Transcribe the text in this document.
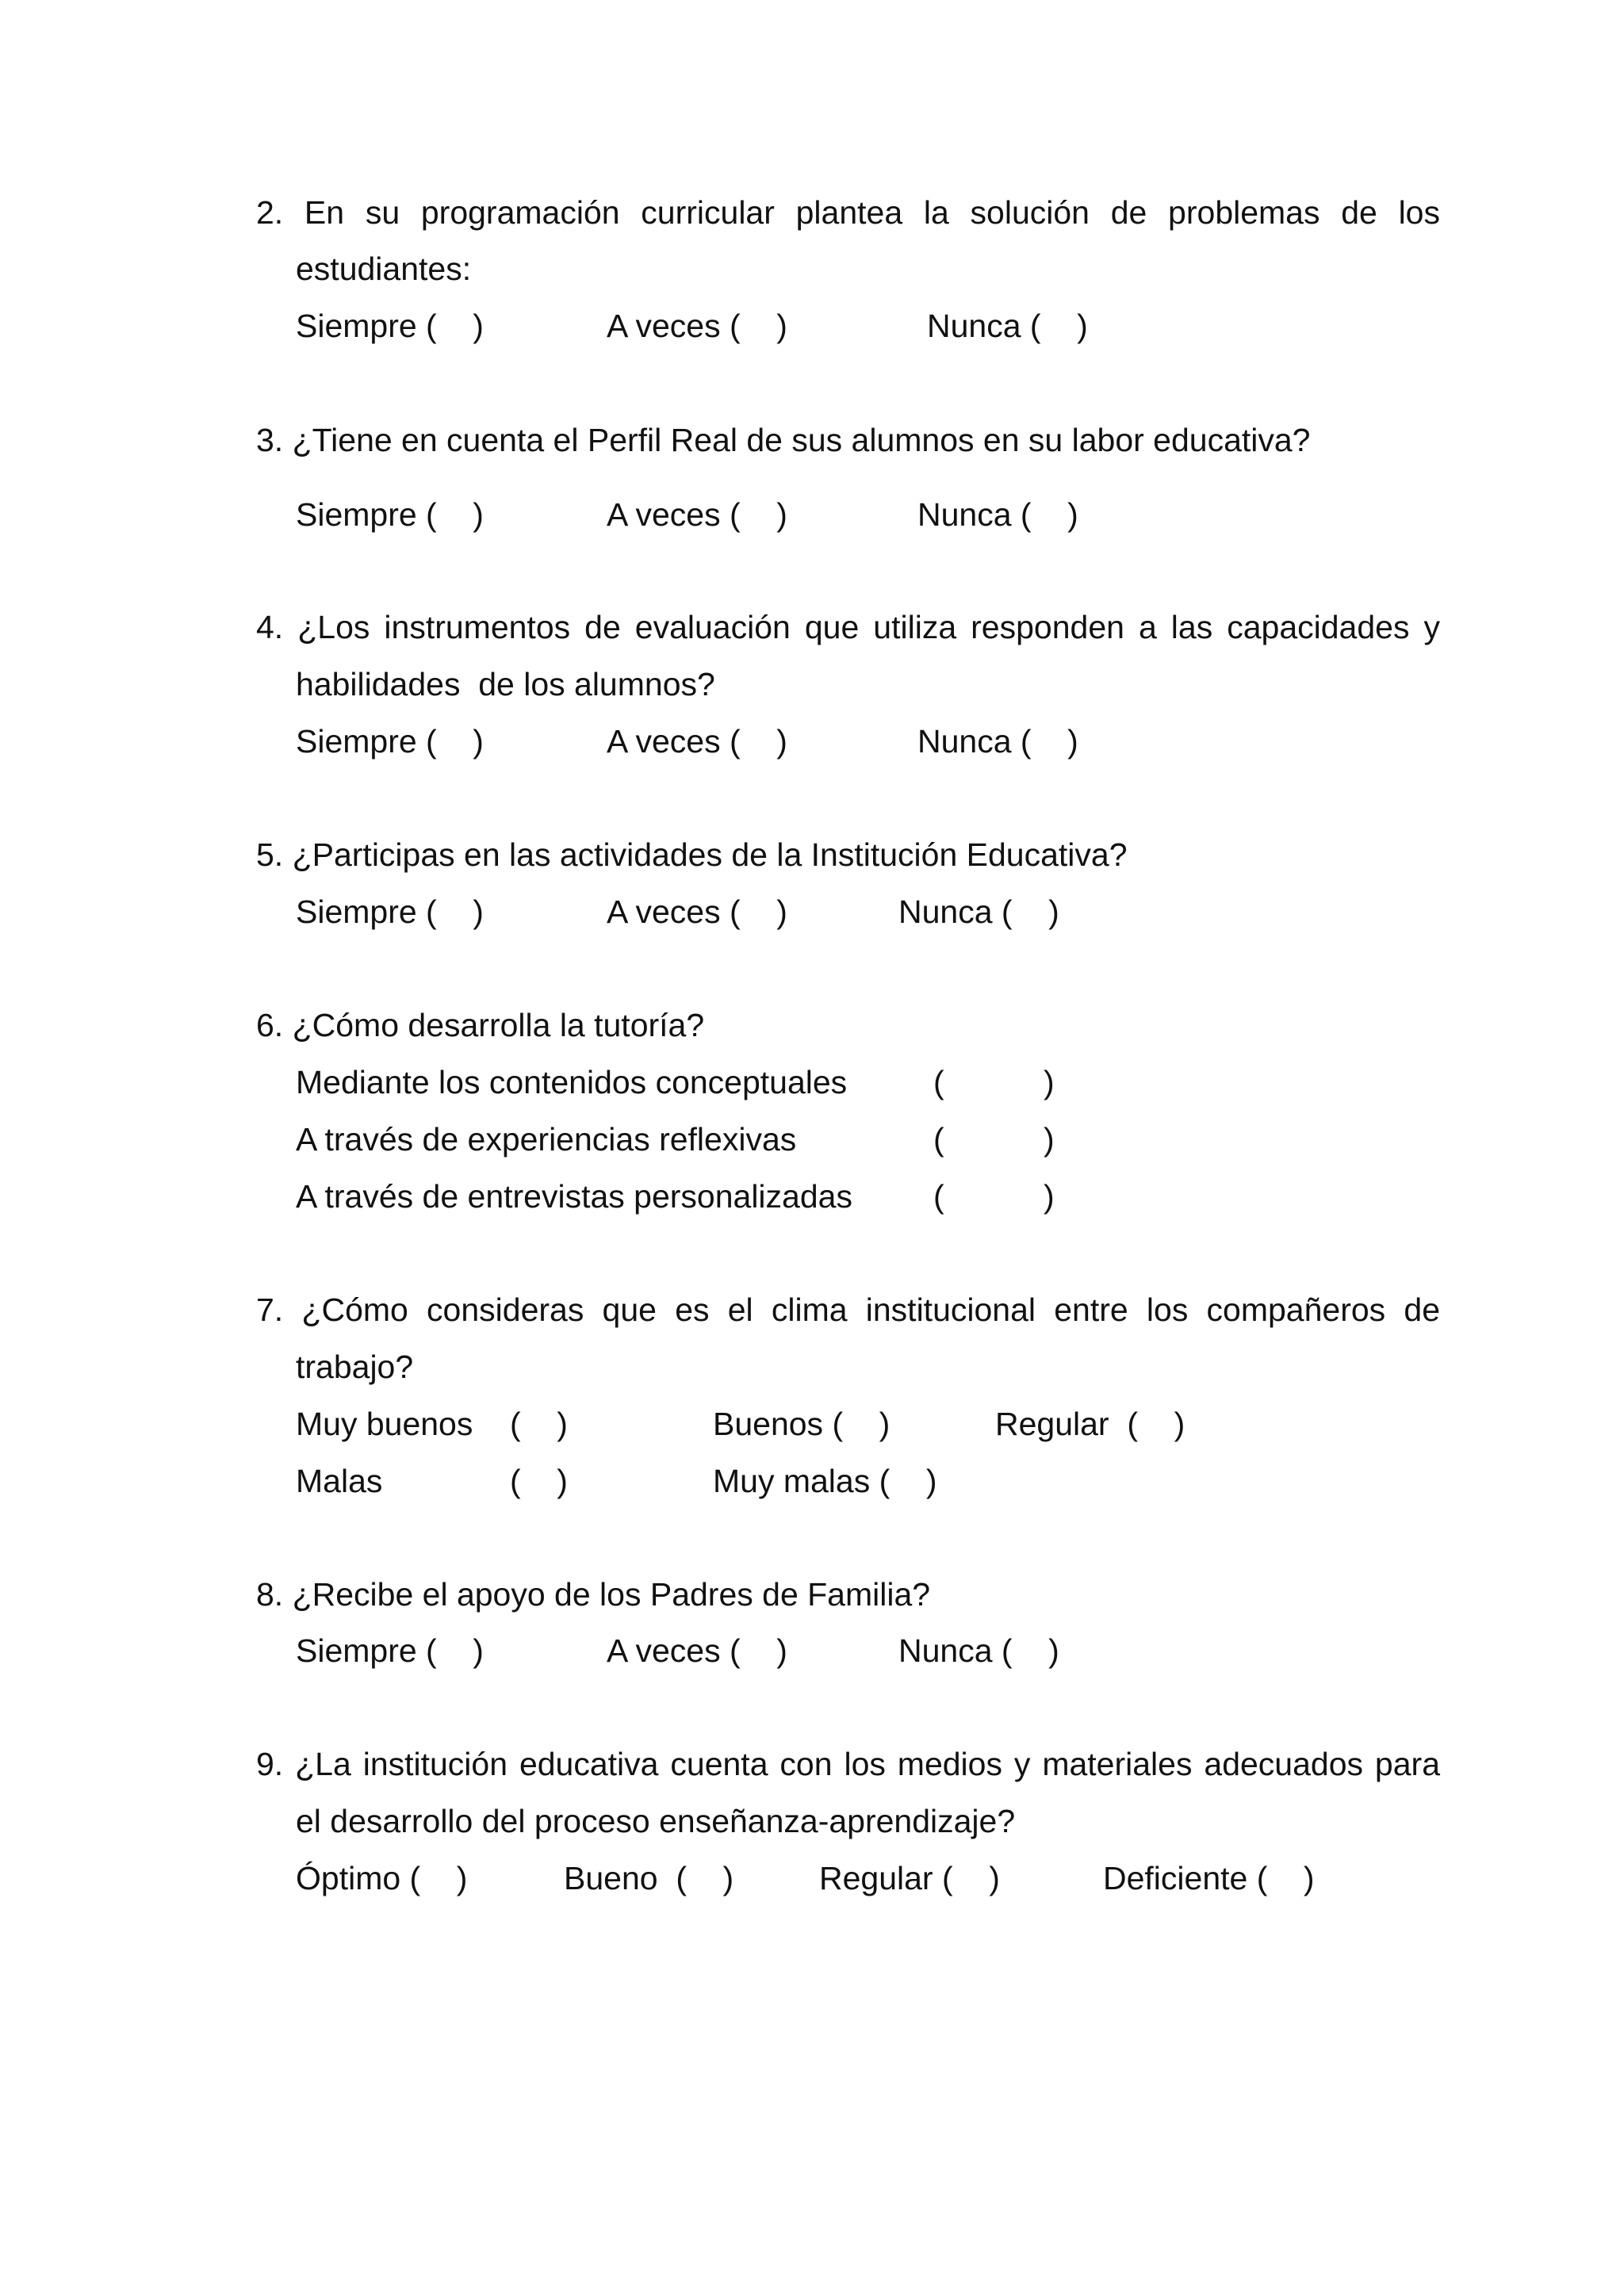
2. En su programación curricular plantea la solución de problemas de los
estudiantes:
Siempre (    )	A veces (    )	Nunca (    )
3. ¿Tiene en cuenta el Perfil Real de sus alumnos en su labor educativa?
Siempre (    )	A veces (    )	Nunca (    )
4. ¿Los instrumentos de evaluación que utiliza responden a las capacidades y
habilidades  de los alumnos?
Siempre (    )	A veces (    )	Nunca (    )
5. ¿Participas en las actividades de la Institución Educativa?
Siempre (    )	A veces (    )	Nunca (    )
6. ¿Cómo desarrolla la tutoría?
Mediante los contenidos conceptuales	(           )
A través de experiencias reflexivas	(           )
A través de entrevistas personalizadas (           )
7. ¿Cómo consideras que es el clima institucional entre los compañeros de
trabajo?
Muy buenos (    )	Buenos (    )	Regular  (    )
Malas	(    )	Muy malas (    )
8. ¿Recibe el apoyo de los Padres de Familia?
Siempre (    )	A veces (    )	Nunca (    )
9. ¿La institución educativa cuenta con los medios y materiales adecuados para
el desarrollo del proceso enseñanza-aprendizaje?
Óptimo (    )	Bueno  (    )	Regular (    )	Deficiente (    )
